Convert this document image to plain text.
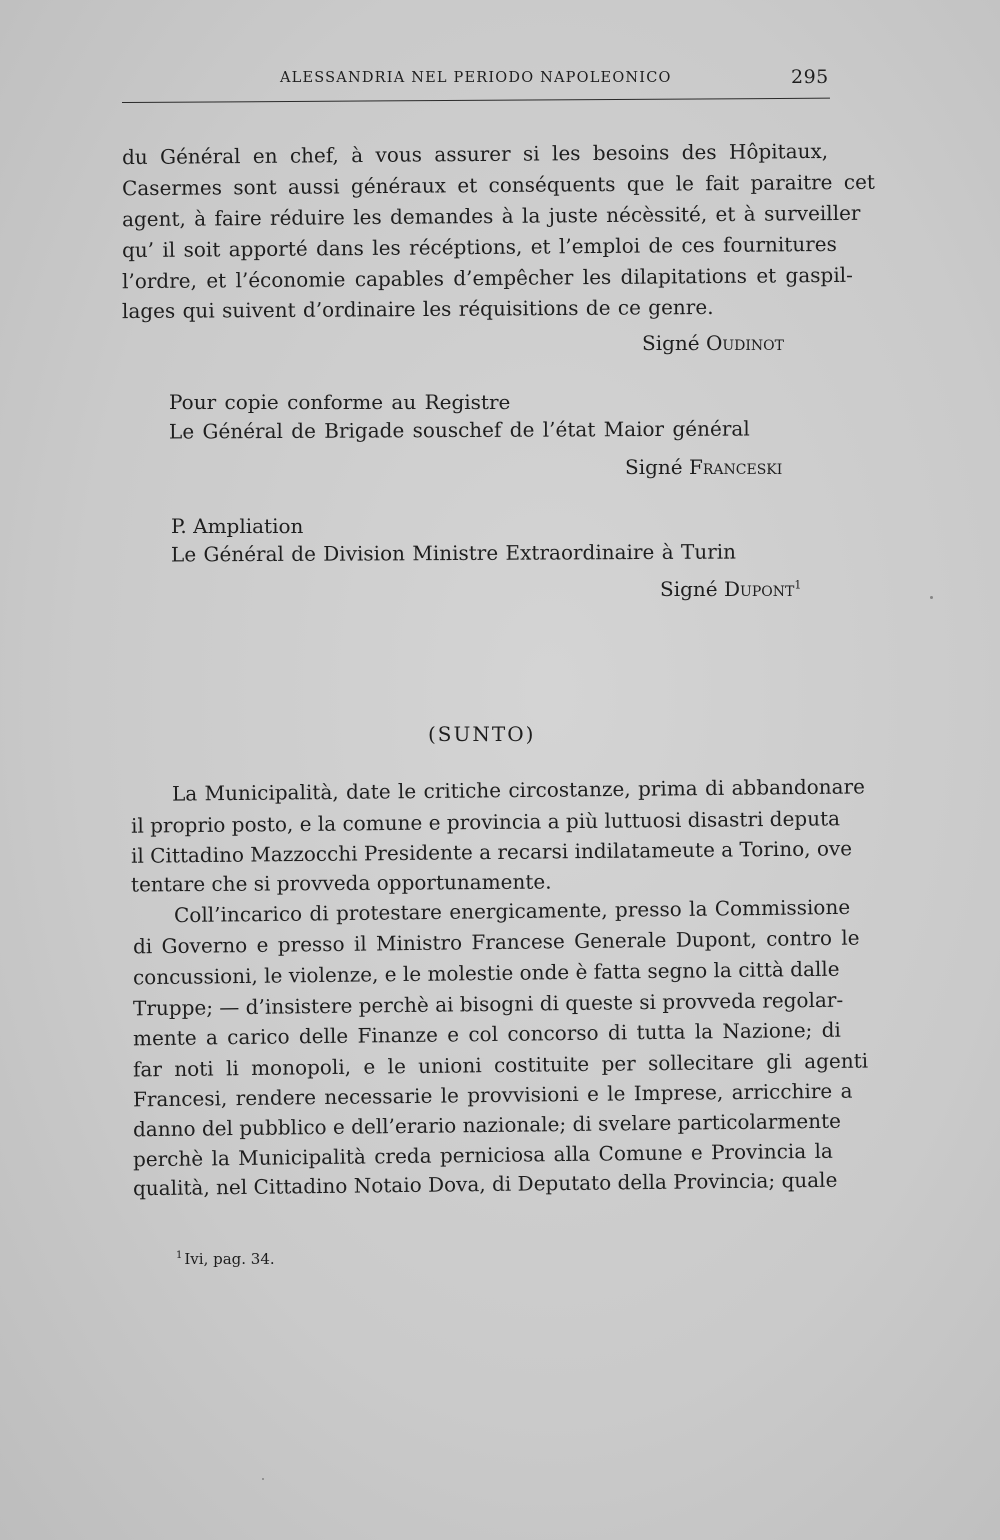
ALESSANDRIA NEL PERIODO NAPOLEONICO	295
du Général en chef, à vous assurer si les besoins des Hôpitaux,
Casermes sont aussi généraux et conséquents que le fait paraitre cet
agent, à faire réduire les demandes à la juste nécèssité, et à surveiller
qu’ il soit apporté dans les récéptions, et l’emploi de ces fournitures
l’ordre, et l’économie capables d’empêcher les dilapitations et gaspil-
lages qui suivent d’ordinaire les réquisitions de ce genre.
Signé Oudinot
Pour copie conforme au Registre
Le Général de Brigade souschef de l’état Maior général
Signé Franceski
P. Ampliation
Le Général de Division Ministre Extraordinaire à Turin
Signé Dupont$^1$
(SUNTO)
La Municipalità, date le critiche circostanze, prima di abbandonare
il proprio posto, e la comune e provincia a più luttuosi disastri deputa
il Cittadino Mazzocchi Presidente a recarsi indilatameute a Torino, ove
tentare che si provveda opportunamente.
Coll’incarico di protestare energicamente, presso la Commissione
di Governo e presso il Ministro Francese Generale Dupont, contro le
concussioni, le violenze, e le molestie onde è fatta segno la città dalle
Truppe; — d’insistere perchè ai bisogni di queste si provveda regolar-
mente a carico delle Finanze e col concorso di tutta la Nazione; di
far noti li monopoli, e le unioni costituite per sollecitare gli agenti
Francesi, rendere necessarie le provvisioni e le Imprese, arricchire a
danno del pubblico e dell’erario nazionale; di svelare particolarmente
perchè la Municipalità creda perniciosa alla Comune e Provincia la
qualità, nel Cittadino Notaio Dova, di Deputato della Provincia; quale
$^1$ Ivi, pag. 34.
